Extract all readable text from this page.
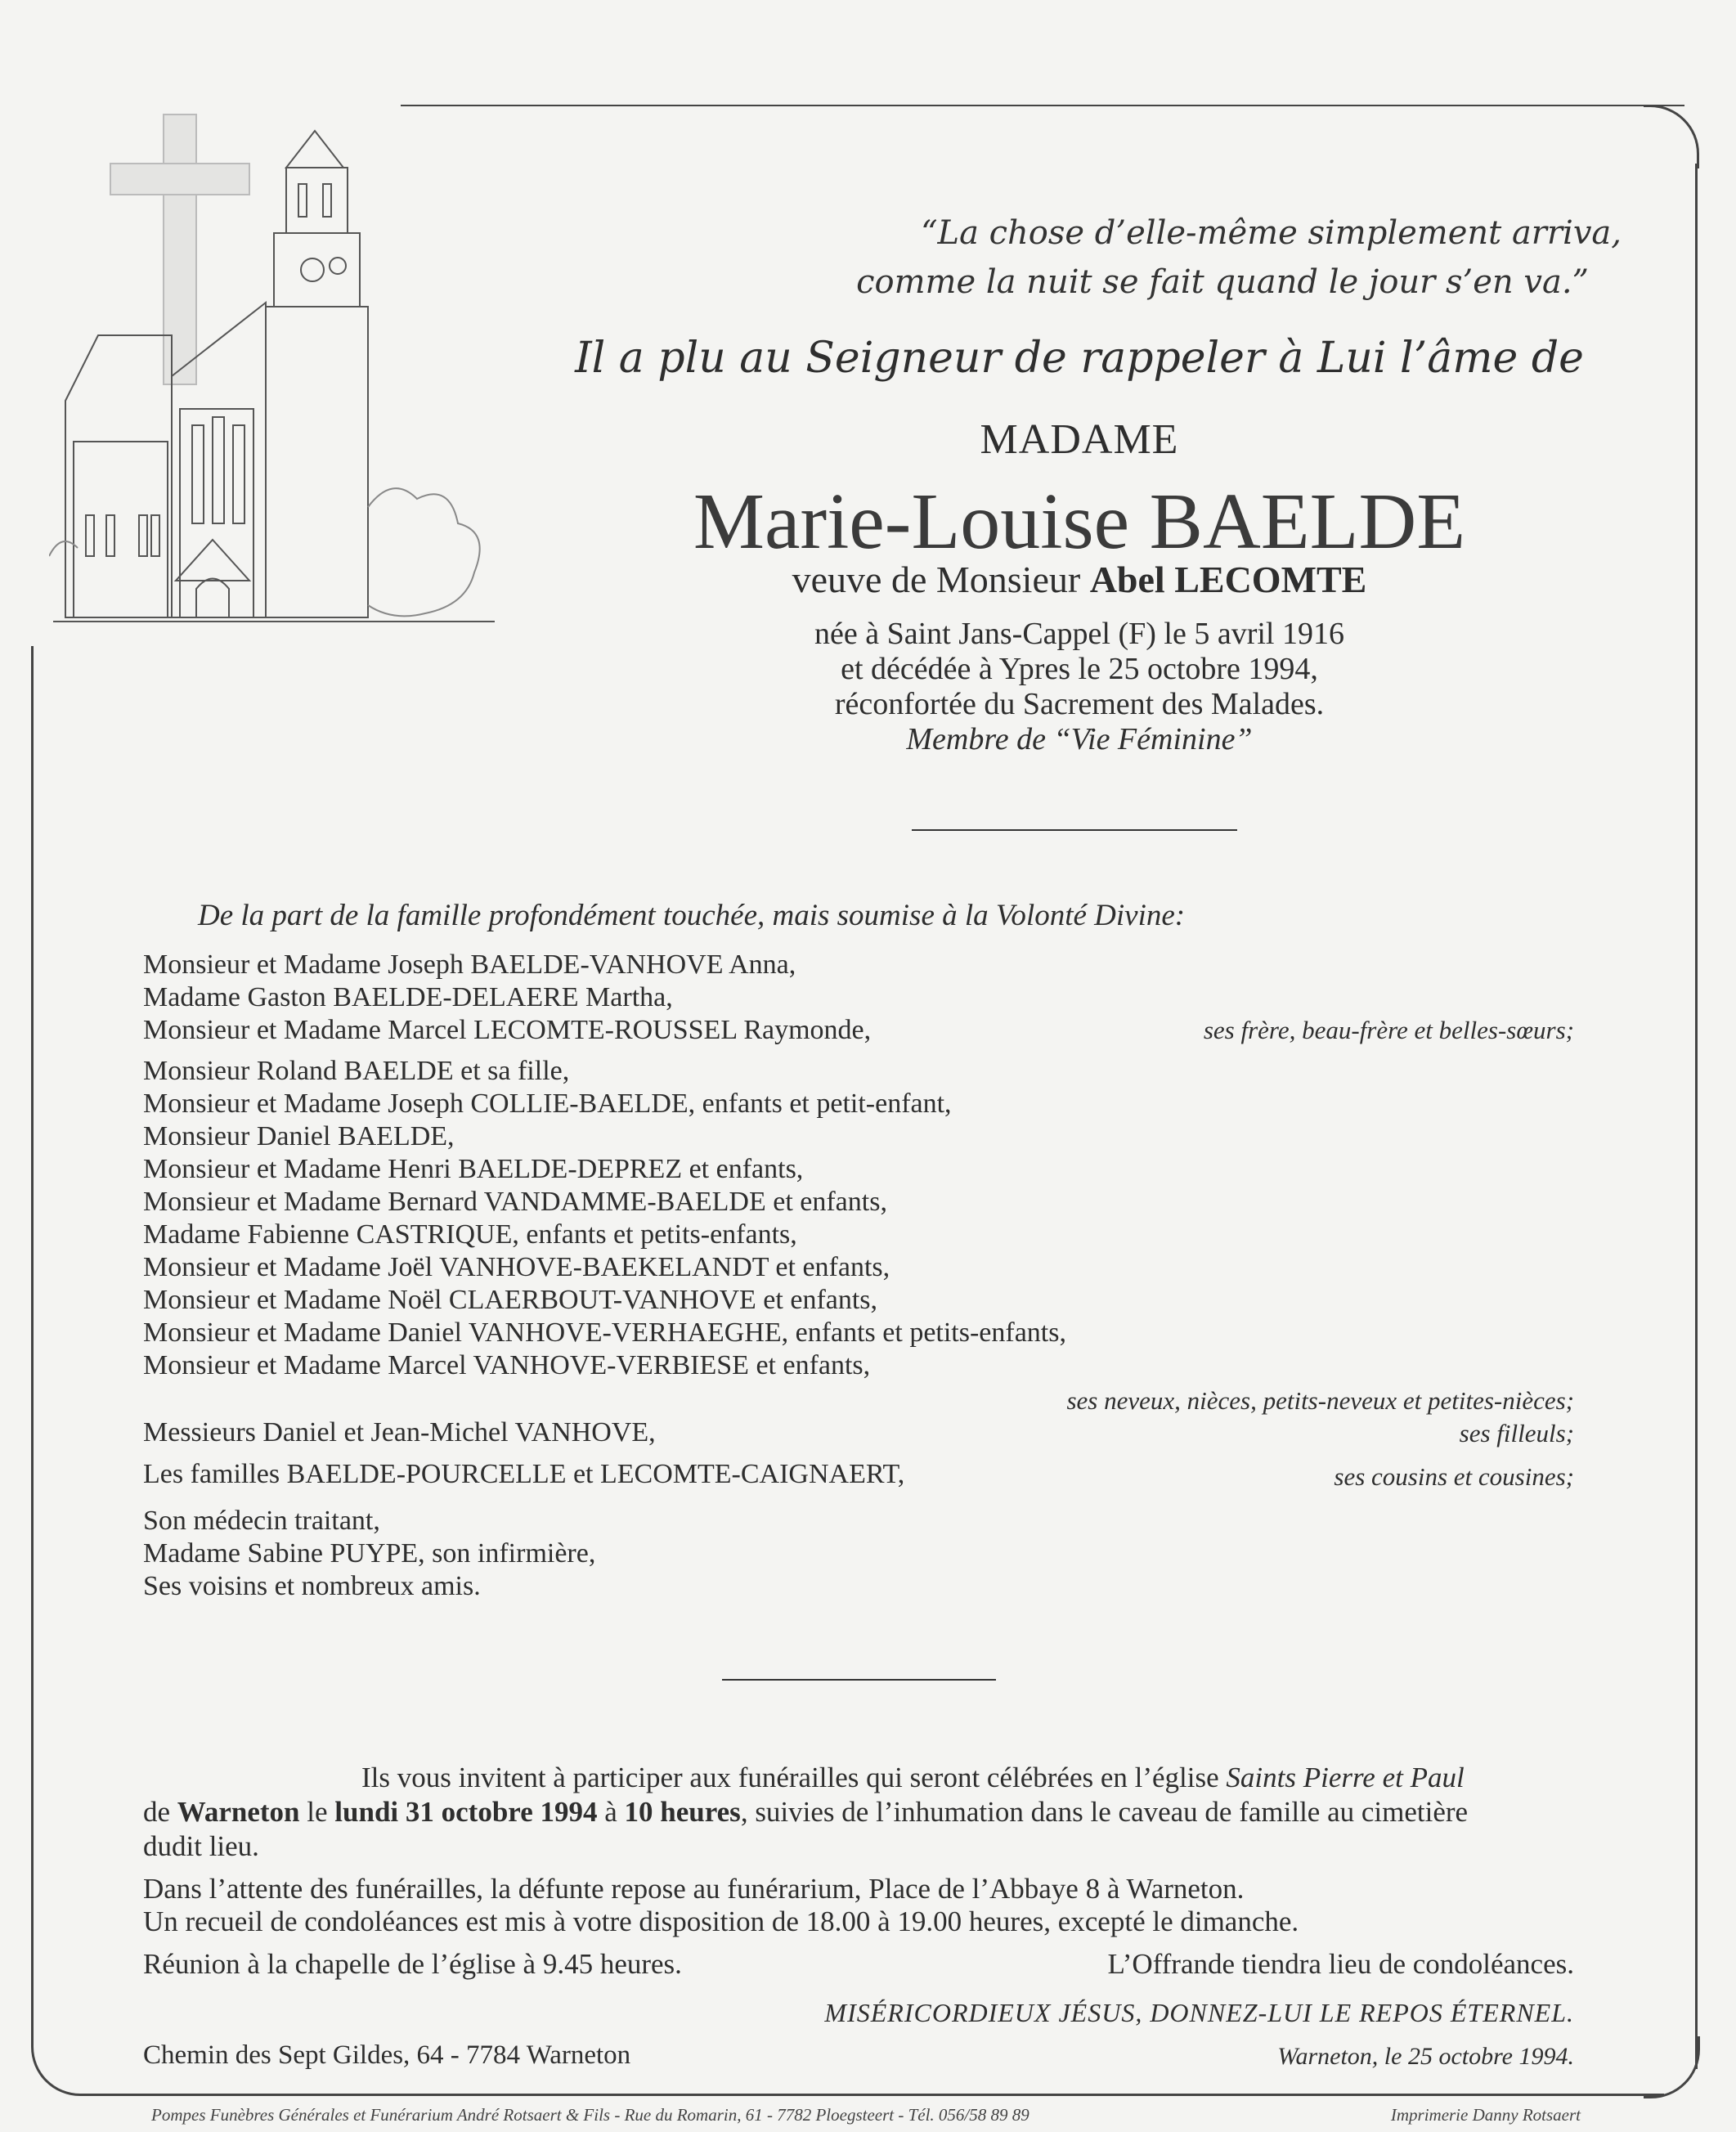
“La chose d’elle-même simplement arriva,
comme la nuit se fait quand le jour s’en va.”
Il a plu au Seigneur de rappeler à Lui l’âme de
MADAME
Marie-Louise BAELDE
veuve de Monsieur Abel LECOMTE
née à Saint Jans-Cappel (F) le 5 avril 1916
et décédée à Ypres le 25 octobre 1994,
réconfortée du Sacrement des Malades.
Membre de “Vie Féminine”
De la part de la famille profondément touchée, mais soumise à la Volonté Divine:
Monsieur et Madame Joseph BAELDE-VANHOVE Anna,
Madame Gaston BAELDE-DELAERE Martha,
Monsieur et Madame Marcel LECOMTE-ROUSSEL Raymonde,	ses frère, beau-frère et belles-sœurs;
Monsieur Roland BAELDE et sa fille,
Monsieur et Madame Joseph COLLIE-BAELDE, enfants et petit-enfant,
Monsieur Daniel BAELDE,
Monsieur et Madame Henri BAELDE-DEPREZ et enfants,
Monsieur et Madame Bernard VANDAMME-BAELDE et enfants,
Madame Fabienne CASTRIQUE, enfants et petits-enfants,
Monsieur et Madame Joël VANHOVE-BAEKELANDT et enfants,
Monsieur et Madame Noël CLAERBOUT-VANHOVE et enfants,
Monsieur et Madame Daniel VANHOVE-VERHAEGHE, enfants et petits-enfants,
Monsieur et Madame Marcel VANHOVE-VERBIESE et enfants,
ses neveux, nièces, petits-neveux et petites-nièces;
Messieurs Daniel et Jean-Michel VANHOVE,	ses filleuls;
Les familles BAELDE-POURCELLE et LECOMTE-CAIGNAERT,	ses cousins et cousines;
Son médecin traitant,
Madame Sabine PUYPE, son infirmière,
Ses voisins et nombreux amis.
Ils vous invitent à participer aux funérailles qui seront célébrées en l’église Saints Pierre et Paul
de Warneton le lundi 31 octobre 1994 à 10 heures, suivies de l’inhumation dans le caveau de famille au cimetière
dudit lieu.
Dans l’attente des funérailles, la défunte repose au funérarium, Place de l’Abbaye 8 à Warneton.
Un recueil de condoléances est mis à votre disposition de 18.00 à 19.00 heures, excepté le dimanche.
Réunion à la chapelle de l’église à 9.45 heures.	L’Offrande tiendra lieu de condoléances.
MISÉRICORDIEUX JÉSUS, DONNEZ-LUI LE REPOS ÉTERNEL.
Chemin des Sept Gildes, 64 - 7784 Warneton	Warneton, le 25 octobre 1994.
Pompes Funèbres Générales et Funérarium André Rotsaert & Fils - Rue du Romarin, 61 - 7782 Ploegsteert - Tél. 056/58 89 89	Imprimerie Danny Rotsaert
